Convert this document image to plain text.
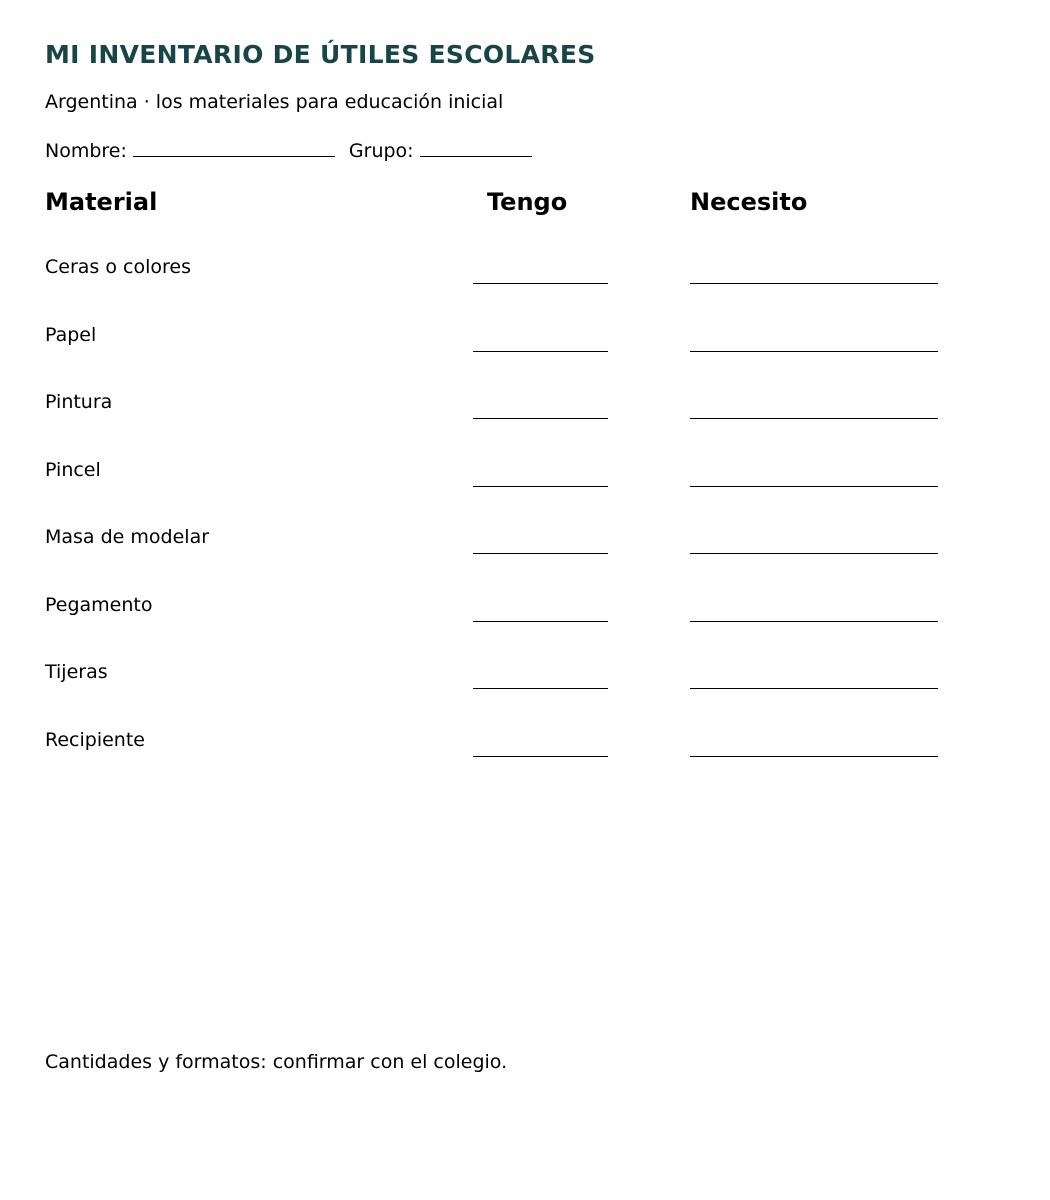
MI INVENTARIO DE ÚTILES ESCOLARES
Argentina · los materiales para educación inicial
Nombre:	Grupo:
Material	Tengo	Necesito
Ceras o colores
Papel
Pintura
Pincel
Masa de modelar
Pegamento
Tijeras
Recipiente
Cantidades y formatos: confirmar con el colegio.
